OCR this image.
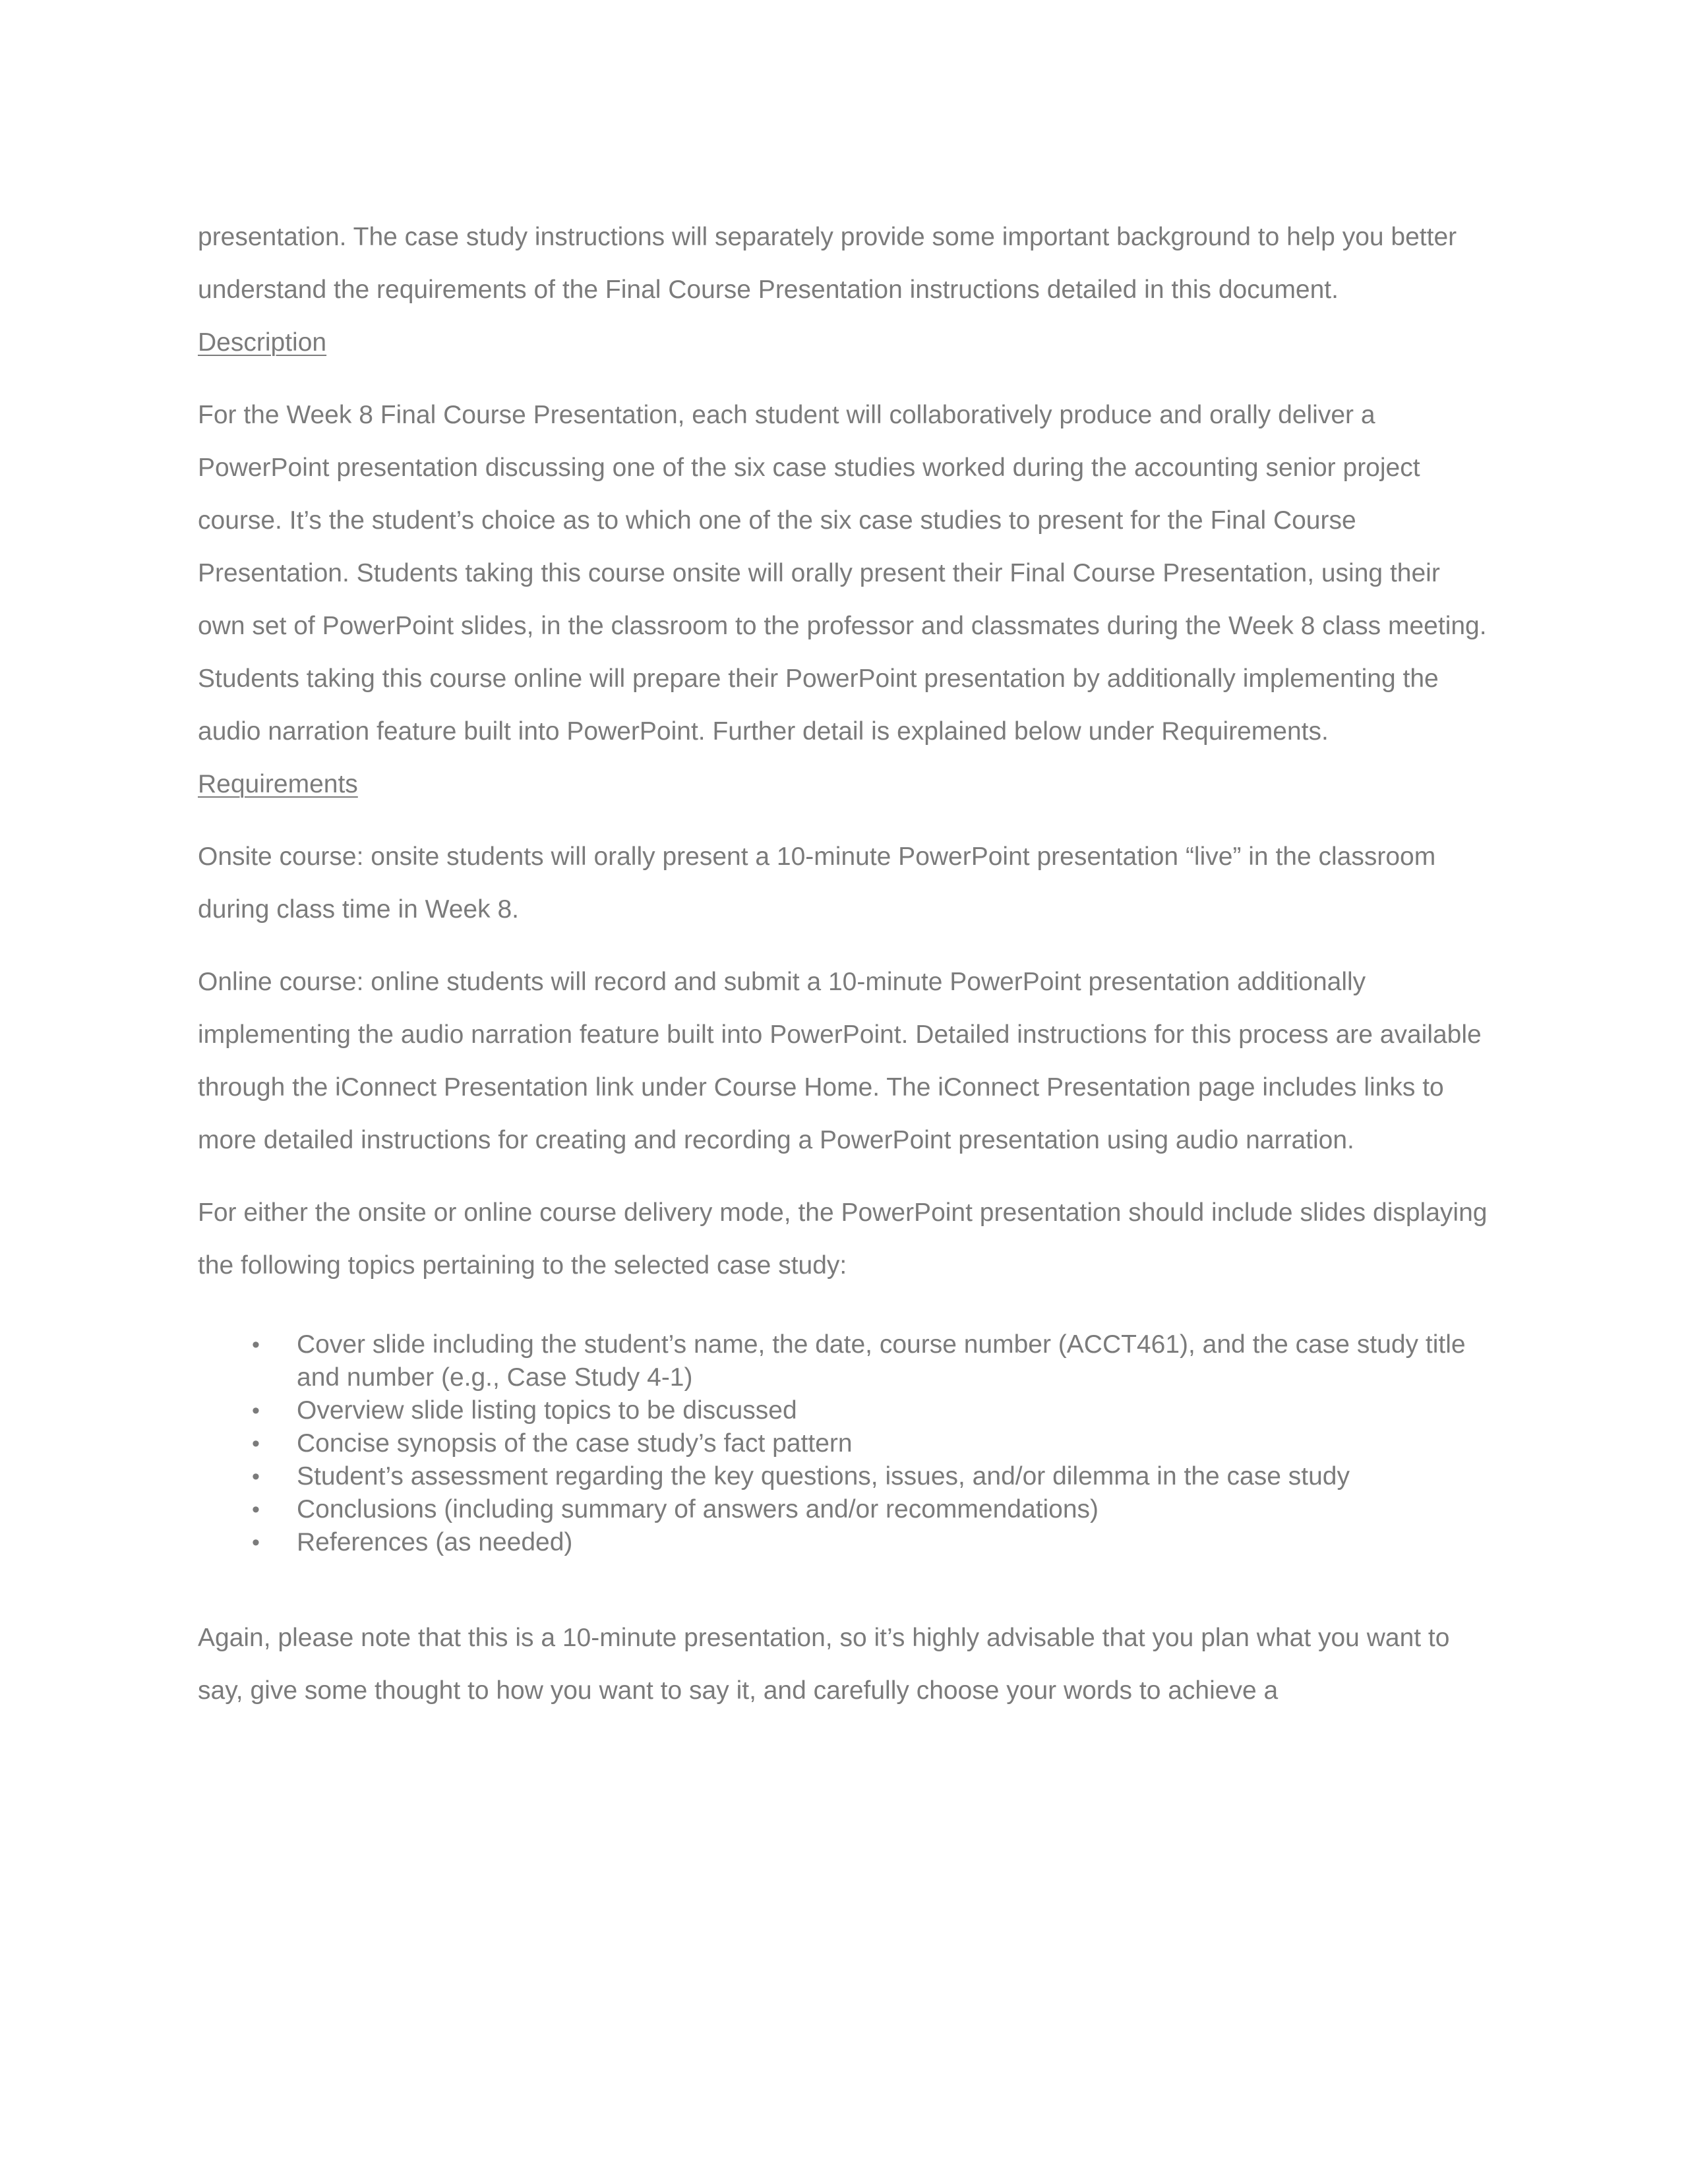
presentation. The case study instructions will separately provide some important background to help you better understand the requirements of the Final Course Presentation instructions detailed in this document.

Description

For the Week 8 Final Course Presentation, each student will collaboratively produce and orally deliver a PowerPoint presentation discussing one of the six case studies worked during the accounting senior project course. It’s the student’s choice as to which one of the six case studies to present for the Final Course Presentation. Students taking this course onsite will orally present their Final Course Presentation, using their own set of PowerPoint slides, in the classroom to the professor and classmates during the Week 8 class meeting. Students taking this course online will prepare their PowerPoint presentation by additionally implementing the audio narration feature built into PowerPoint. Further detail is explained below under Requirements.

Requirements

Onsite course: onsite students will orally present a 10-minute PowerPoint presentation “live” in the classroom during class time in Week 8.

Online course: online students will record and submit a 10-minute PowerPoint presentation additionally implementing the audio narration feature built into PowerPoint. Detailed instructions for this process are available through the iConnect Presentation link under Course Home. The iConnect Presentation page includes links to more detailed instructions for creating and recording a PowerPoint presentation using audio narration.

For either the onsite or online course delivery mode, the PowerPoint presentation should include slides displaying the following topics pertaining to the selected case study:

• Cover slide including the student’s name, the date, course number (ACCT461), and the case study title and number (e.g., Case Study 4-1)
• Overview slide listing topics to be discussed
• Concise synopsis of the case study’s fact pattern
• Student’s assessment regarding the key questions, issues, and/or dilemma in the case study
• Conclusions (including summary of answers and/or recommendations)
• References (as needed)

Again, please note that this is a 10-minute presentation, so it’s highly advisable that you plan what you want to say, give some thought to how you want to say it, and carefully choose your words to achieve a
